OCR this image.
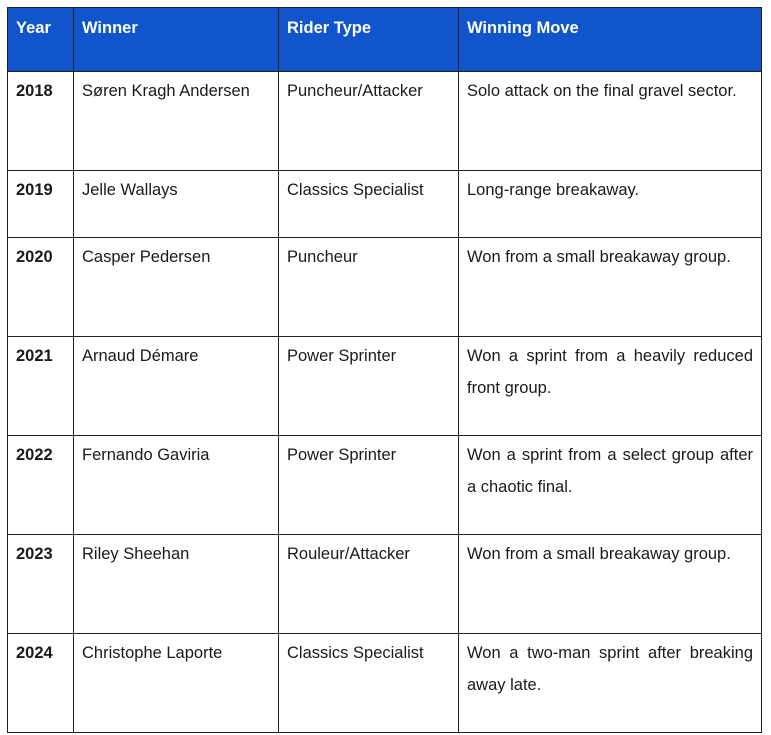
Year	Winner	Rider Type	Winning Move
2018	Søren Kragh Andersen	Puncheur/Attacker	Solo attack on the final gravel sector.
2019	Jelle Wallays	Classics Specialist	Long-range breakaway.
2020	Casper Pedersen	Puncheur	Won from a small breakaway group.
2021	Arnaud Démare	Power Sprinter	Won a sprint from a heavily reduced front group.
2022	Fernando Gaviria	Power Sprinter	Won a sprint from a select group after a chaotic final.
2023	Riley Sheehan	Rouleur/Attacker	Won from a small breakaway group.
2024	Christophe Laporte	Classics Specialist	Won a two-man sprint after breaking away late.
